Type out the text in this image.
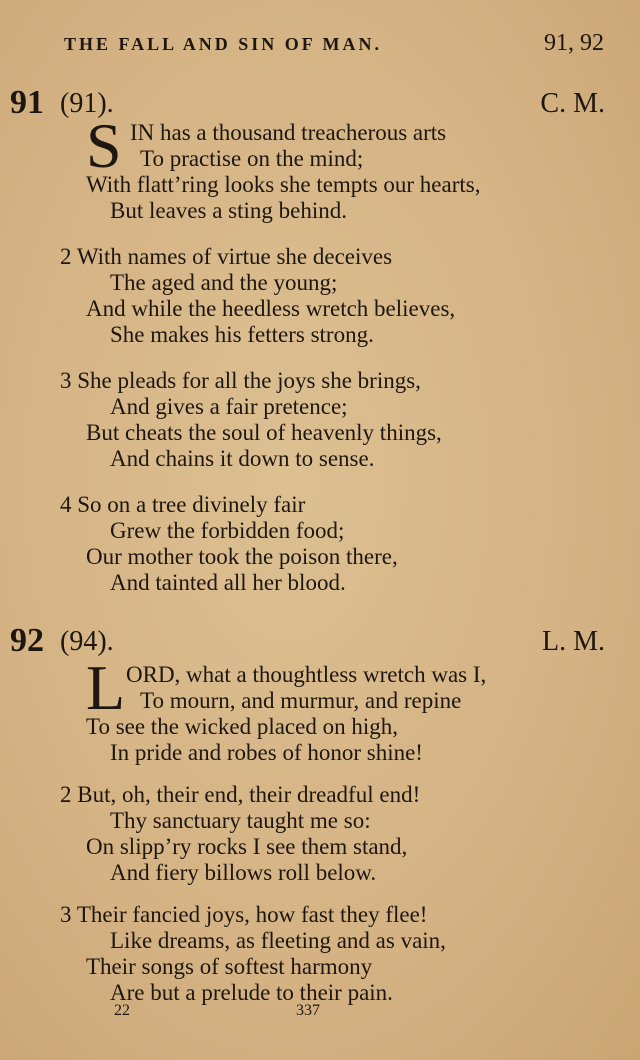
THE FALL AND SIN OF MAN.	91, 92
91 (91).	C. M.
S IN has a thousand treacherous arts
To practise on the mind;
With flatt’ring looks she tempts our hearts,
But leaves a sting behind.
2 With names of virtue she deceives
The aged and the young;
And while the heedless wretch believes,
She makes his fetters strong.
3 She pleads for all the joys she brings,
And gives a fair pretence;
But cheats the soul of heavenly things,
And chains it down to sense.
4 So on a tree divinely fair
Grew the forbidden food;
Our mother took the poison there,
And tainted all her blood.
92 (94).	L. M.
L ORD, what a thoughtless wretch was I,
To mourn, and murmur, and repine
To see the wicked placed on high,
In pride and robes of honor shine!
2 But, oh, their end, their dreadful end!
Thy sanctuary taught me so:
On slipp’ry rocks I see them stand,
And fiery billows roll below.
3 Their fancied joys, how fast they flee!
Like dreams, as fleeting and as vain,
Their songs of softest harmony
Are but a prelude to their pain.
22	337
